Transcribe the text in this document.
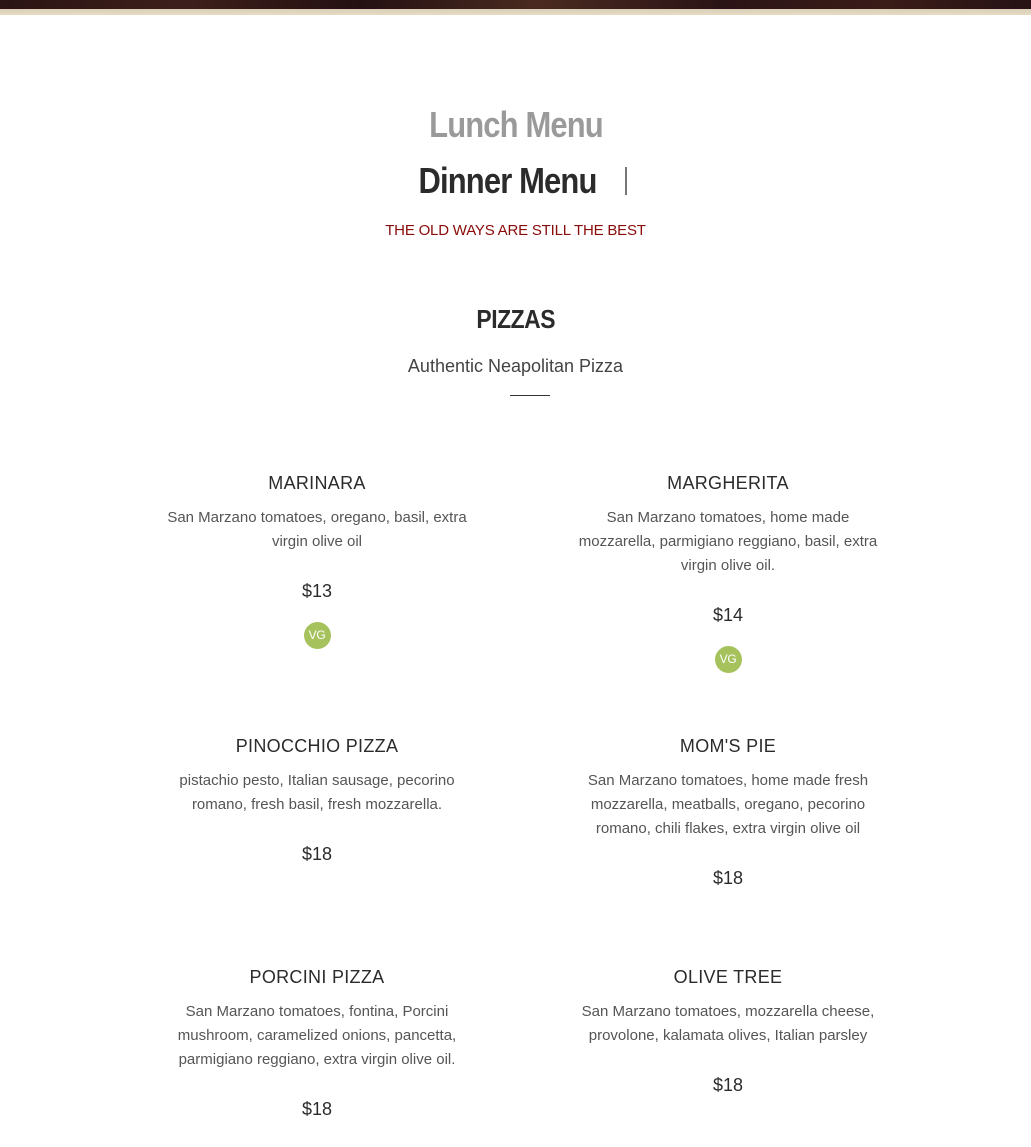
Lunch Menu
Dinner Menu
THE OLD WAYS ARE STILL THE BEST
PIZZAS
Authentic Neapolitan Pizza
MARINARA
San Marzano tomatoes, oregano, basil, extra virgin olive oil
$13
VG
MARGHERITA
San Marzano tomatoes, home made mozzarella, parmigiano reggiano, basil, extra virgin olive oil.
$14
VG
PINOCCHIO PIZZA
pistachio pesto, Italian sausage, pecorino romano, fresh basil, fresh mozzarella.
$18
MOM'S PIE
San Marzano tomatoes, home made fresh mozzarella, meatballs, oregano, pecorino romano, chili flakes, extra virgin olive oil
$18
PORCINI PIZZA
San Marzano tomatoes, fontina, Porcini mushroom, caramelized onions, pancetta, parmigiano reggiano, extra virgin olive oil.
$18
OLIVE TREE
San Marzano tomatoes, mozzarella cheese, provolone, kalamata olives, Italian parsley
$18
